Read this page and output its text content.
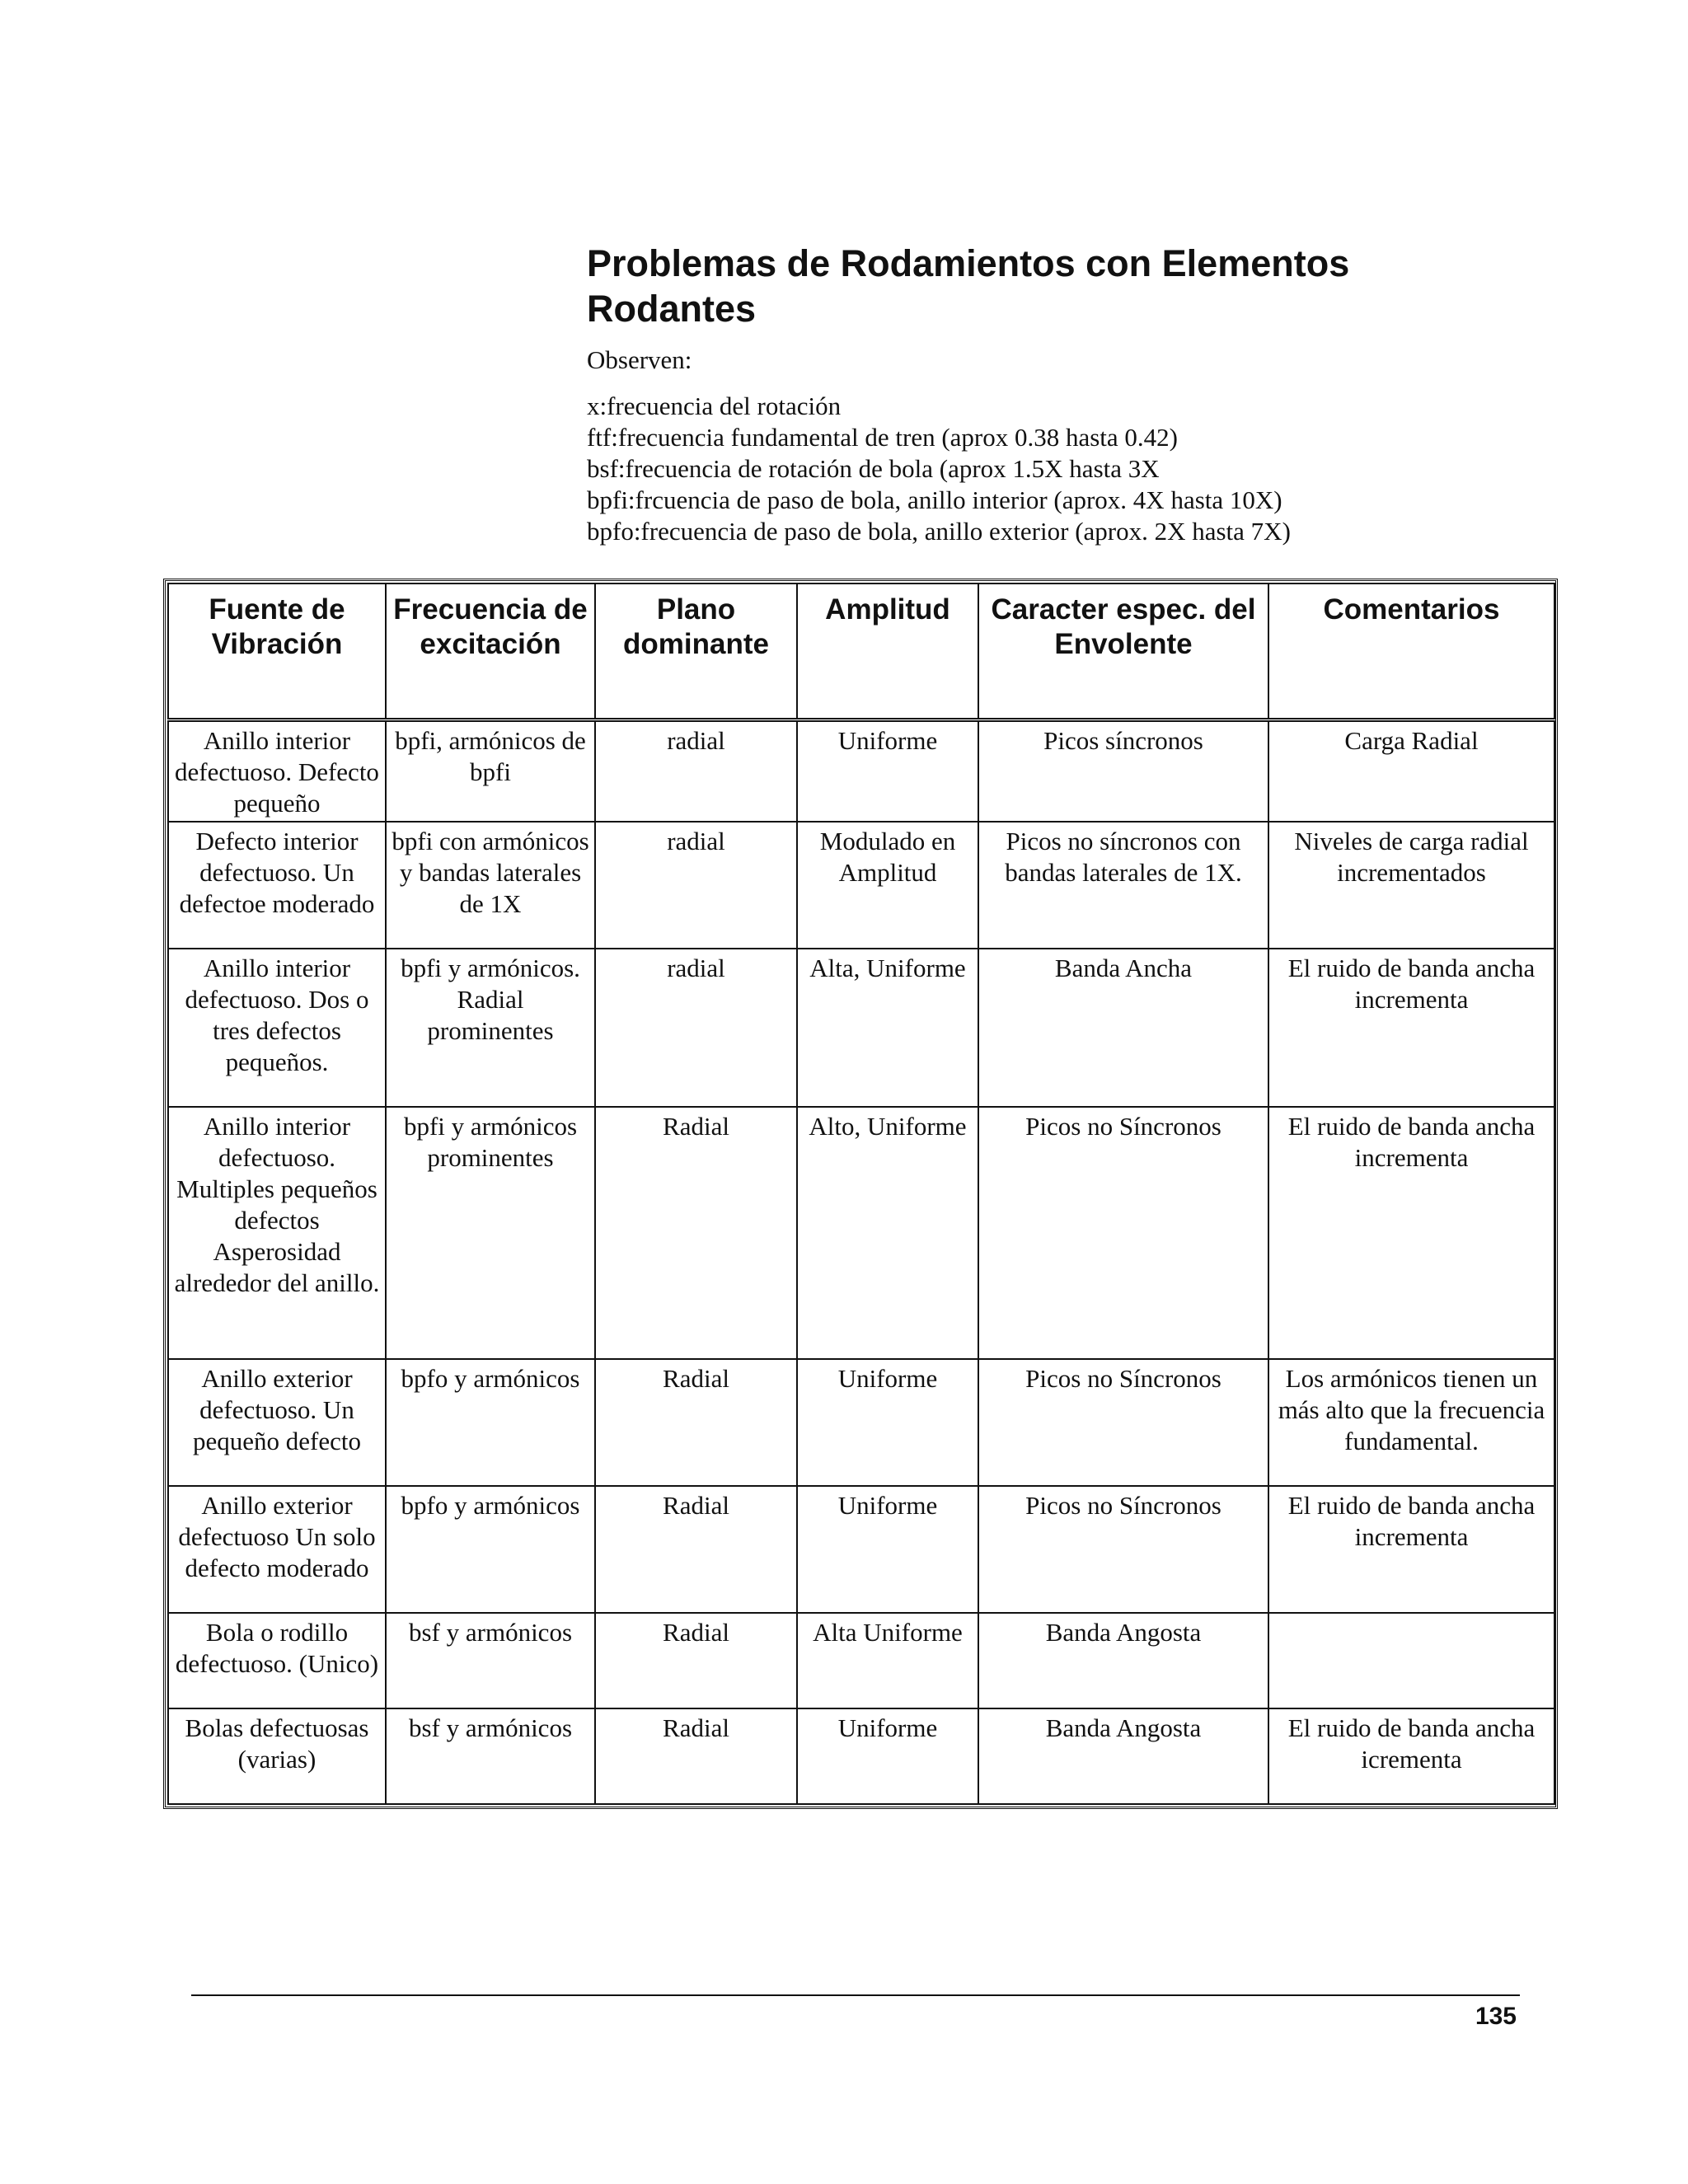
Problemas de Rodamientos con Elementos Rodantes
Observen:
x:frecuencia del rotación
ftf:frecuencia fundamental de tren (aprox 0.38 hasta 0.42)
bsf:frecuencia de rotación de bola (aprox 1.5X hasta 3X
bpfi:frcuencia de paso de bola, anillo interior (aprox. 4X hasta 10X)
bpfo:frecuencia de paso de bola, anillo exterior (aprox. 2X hasta 7X)
Fuente de Vibración	Frecuencia de excitación	Plano dominante	Amplitud	Caracter espec. del Envolente	Comentarios
Anillo interior defectuoso. Defecto pequeño	bpfi, armónicos de bpfi	radial	Uniforme	Picos síncronos	Carga Radial
Defecto interior defectuoso. Un defectoe moderado	bpfi con armónicos y bandas laterales de 1X	radial	Modulado en Amplitud	Picos no síncronos con bandas laterales de 1X.	Niveles de carga radial incrementados
Anillo interior defectuoso. Dos o tres defectos pequeños.	bpfi y armónicos. Radial prominentes	radial	Alta, Uniforme	Banda Ancha	El ruido de banda ancha incrementa
Anillo interior defectuoso. Multiples pequeños defectos Asperosidad alrededor del anillo.	bpfi y armónicos prominentes	Radial	Alto, Uniforme	Picos no Síncronos	El ruido de banda ancha incrementa
Anillo exterior defectuoso. Un pequeño defecto	bpfo y armónicos	Radial	Uniforme	Picos no Síncronos	Los armónicos tienen un más alto que la frecuencia fundamental.
Anillo exterior defectuoso Un solo defecto moderado	bpfo y armónicos	Radial	Uniforme	Picos no Síncronos	El ruido de banda ancha incrementa
Bola o rodillo defectuoso. (Unico)	bsf y armónicos	Radial	Alta Uniforme	Banda Angosta	
Bolas defectuosas (varias)	bsf y armónicos	Radial	Uniforme	Banda Angosta	El ruido de banda ancha icrementa
135
